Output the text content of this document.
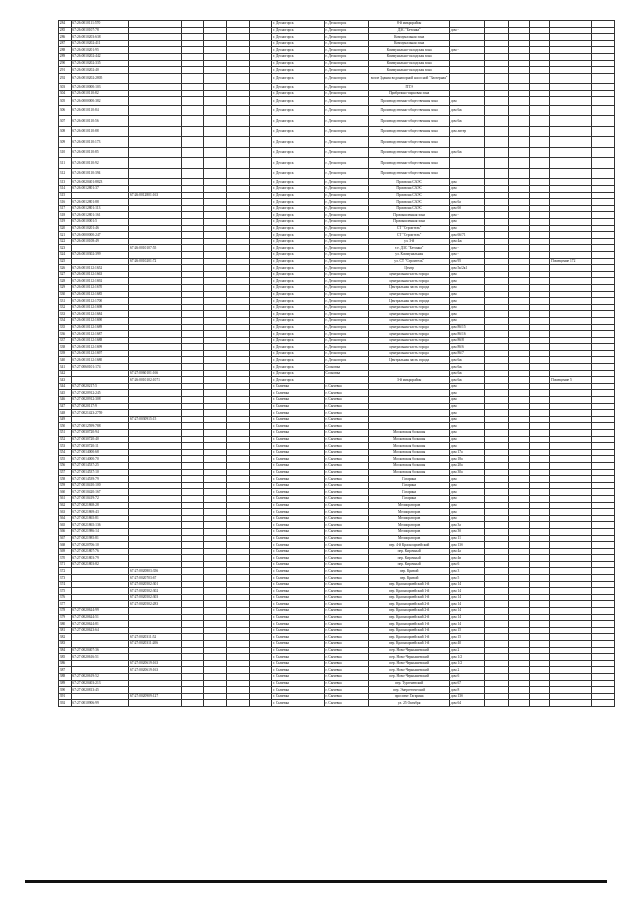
284	67:26:0010111:570						г. Десногорск	г. Десногорск	8-й микрорайон						
285	67:26:0010107:78						г. Десногорск	г. Десногорск	ДЗС "Бетонка"	дом -					
286	67:26:0010203:638						г. Десногорск	г. Десногорск	Коммунальная зона						
287	67:26:0010202:411						г. Десногорск	г. Десногорск	Коммунальная зона						
288	67:26:0010201:95						г. Десногорск	г. Десногорск	Коммунально-складская зона	дом -					
289	67:26:0010202:442						г. Десногорск	г. Десногорск	Коммунально-складская зона						
290	67:26:0010202:335						г. Десногорск	г. Десногорск	Коммунально-складская зона						
291	67:26:0010202:40						г. Десногорск	г. Десногорск	Коммунально-складская зона						
292	67:26:0010202:2805						г. Десногорск	г. Десногорск	возле Здания водонапорной насосной "Заозерная"						
303	67:26:0010000:103						г. Десногорск	г. Десногорск	ПТЭ						
304	67:26:0010110:82						г. Десногорск	г. Десногорск	Прибрежно-парковая зона						
305	67:26:0000000:382						г. Десногорск	г. Десногорск	Производственно-общественная зона	дом					
306	67:26:0010110:84						г. Десногорск	г. Десногорск	Производственно-общественная зона	дом 6ж					
307	67:26:0010110:56						г. Десногорск	г. Десногорск	Производственно-общественная зона	дом 6ж					
308	67:26:0010110:88						г. Десногорск	г. Десногорск	Производственно-общественная зона	дом литер					
309	67:26:0010110:173						г. Десногорск	г. Десногорск	Производственно-общественная зона						
310	67:26:0010110:85						г. Десногорск	г. Десногорск	Производственно-общественная зона	дом 6ж					
311	67:26:0010110:92						г. Десногорск	г. Десногорск	Производственно-общественная зона						
312	67:26:0010110:394						г. Десногорск	г. Десногорск	Производственно-общественная зона						
313	67:26:0020401:8823						г. Десногорск	г. Десногорск	Промзона САЭС	дом					
314	67:26:0012801:37						г. Десногорск	г. Десногорск	Промзона САЭС	дом					
315		67:26:0012801:163					г. Десногорск	г. Десногорск	Промзона САЭС	дом					
316	67:26:0012801:88						г. Десногорск	г. Десногорск	Промзона САЭС	дом 6а					
317	67:26:0012801:113						г. Десногорск	г. Десногорск	Промзона САЭС	дом 6б					
318	67:26:0012801:161						г. Десногорск	г. Десногорск	Промышленная зона	дом -					
319	67:26:0010001:5						г. Десногорск	г. Десногорск	Промышленная зона	дом					
320	67:26:0010201:46						г. Десногорск	г. Десногорск	СТ "Строитель"	дом					
321	67:26:0000000:247						г. Десногорск	г. Десногорск	СТ "Строитель"	дом 66/71					
322	67:26:0010108:49						г. Десногорск	г. Десногорск	ул. 3-й	дом 4ж					
323		67:26:0010107:55					г. Десногорск	г. Десногорск	т.е. ДЗС "Бетонка"	дом -					
324	67:26:0010302:399						г. Десногорск	г. Десногорск	ул. Коммунальная	дом -					
325		67:26:0010201:72					г. Десногорск	г. Десногорск	ул. СТ "Строитель"	дом 95				Помещение 172	
326	67:26:0010112:1652						г. Десногорск	г. Десногорск	Центр	дом 5к/2к1					
327	67:26:0010112:1663						г. Десногорск	г. Десногорск	центральная часть города	дом					
328	67:26:0010112:1692						г. Десногорск	г. Десногорск	центральная часть города	дом					
329	67:26:0010112:1670						г. Десногорск	г. Десногорск	Центральная часть города	дом					
330	67:26:0010112:1685						г. Десногорск	г. Десногорск	центральная часть города	дом					
331	67:26:0010112:1700						г. Десногорск	г. Десногорск	Центральная часть города	дом					
332	67:26:0010112:1698						г. Десногорск	г. Десногорск	центральная часть города	дом					
333	67:26:0010112:1684						г. Десногорск	г. Десногорск	центральная часть города	дом					
334	67:26:0010112:1690						г. Десногорск	г. Десногорск	центральная часть города	дом					
335	67:26:0010112:1689						г. Десногорск	г. Десногорск	центральная часть города	дом 86/15					
336	67:26:0010112:1687						г. Десногорск	г. Десногорск	центральная часть города	дом 86/16					
337	67:26:0010112:1688						г. Десногорск	г. Десногорск	центральная часть города	дом 86/8					
338	67:26:0010112:1699						г. Десногорск	г. Десногорск	центральная часть города	дом 86/6					
339	67:26:0010112:1697						г. Десногорск	г. Десногорск	центральная часть города	дом 86/7					
340	67:26:0010112:1680						г. Десногорск	г. Десногорск	Центральная часть города	дом 6ж					
341	67:27:0060101:174						г. Десногорск	Сосновка		дом 6ж					
342		67:27:0060101:166					г. Десногорск	Сосновка		дом 6ж					
343		67:26:0010102:1071					г. Десногорск		3-й микрорайон	дом 6ж				Помещение 5	
344	67:27:0020217:5						г. Сычевка	г. Сычевка		дом					
345	67:27:0020912:245						г. Сычевка	г. Сычевка		дом					
346	67:27:0020912:308						г. Сычевка	г. Сычевка		дом					
347	67:27:0020117:9						г. Сычевка	г. Сычевка		дом					
348	67:27:0021423:2759						г. Сычевка	г. Сычевка		дом					
349		67:27:0030915:15					г. Сычевка	г. Сычевка		дом					
350	67:27:0012599:788						г. Сычевка	г. Сычевка		дом					
351	67:27:0030720:94						г. Сычевка	г. Сычевка	Московская большая	дом					
352	67:27:0030720:40						г. Сычевка	г. Сычевка	Московская большая	дом					
353	67:27:0030720:11						г. Сычевка	г. Сычевка	Московская большая	дом					
354	67:27:0014000:68						г. Сычевка	г. Сычевка	Московская большая	дом 17а					
355	67:27:0014000:70						г. Сычевка	г. Сычевка	Московская большая	дом 18а					
356	67:27:0014537:25						г. Сычевка	г. Сычевка	Московская большая	дом 20а					
357	67:27:0014537:10						г. Сычевка	г. Сычевка	Московская большая	дом 30а					
358	67:27:0014539:79						г. Сычевка	г. Сычевка	Гагарина	дом					
359	67:27:0010410:100						г. Сычевка	г. Сычевка	Гагарина	дом					
360	67:27:0010420:167						г. Сычевка	г. Сычевка	Гагарина	дом					
361	67:27:0010419:72						г. Сычевка	г. Сычевка	Гагарина	дом					
362	67:27:0021868:28						г. Сычевка	г. Сычевка	Мелиораторов	дом					
363	67:27:0021869:43						г. Сычевка	г. Сычевка	Мелиораторов	дом					
364	67:27:0021865:81						г. Сычевка	г. Сычевка	Мелиораторов	дом					
365	67:27:0021865:136						г. Сычевка	г. Сычевка	Мелиораторов	дом 3а					
366	67:27:0021986:14						г. Сычевка	г. Сычевка	Мелиораторов	дом 3б					
367	67:27:0021985:81						г. Сычевка	г. Сычевка	Мелиораторов	дом 11					
368	67:27:0020706:10						г. Сычевка	г. Сычевка	пер. 4-й Красноармейский	дом 13б					
369	67:27:0021807:76						г. Сычевка	г. Сычевка	пер. Кирочный	дом 4а					
370	67:27:0021803:79						г. Сычевка	г. Сычевка	пер. Кирочный	дом 4в					
371	67:27:0021803:82						г. Сычевка	г. Сычевка	пер. Кирочный	дом 6					
372		67:27:0020803:356					г. Сычевка	г. Сычевка	пер. Кривой	дом 3					
373		67:27:0020703:67					г. Сычевка	г. Сычевка	пер. Кривой	дом 5					
374		67:27:0020502:301					г. Сычевка	г. Сычевка	пер. Красноармейский 1-й	дом 14					
375		67:27:0020502:302					г. Сычевка	г. Сычевка	пер. Красноармейский 1-й	дом 14					
376		67:27:0020502:303					г. Сычевка	г. Сычевка	пер. Красноармейский 1-й	дом 14					
377		67:27:0020502:283					г. Сычевка	г. Сычевка	пер. Красноармейский 2-й	дом 14					
378	67:27:0020624:99						г. Сычевка	г. Сычевка	пер. Красноармейский 2-й	дом 14					
379	67:27:0020624:51						г. Сычевка	г. Сычевка	пер. Красноармейский 2-й	дом 14					
380	67:27:0020624:81						г. Сычевка	г. Сычевка	пер. Красноармейский 1-й	дом 14					
381	67:27:0020623:64						г. Сычевка	г. Сычевка	пер. Красноармейский 1-й	дом 15					
382		67:27:0020311:52					г. Сычевка	г. Сычевка	пер. Красноармейский 1-й	дом 15					
383		67:27:0020311:206					г. Сычевка	г. Сычевка	пер. Красноармейский 1-й	дом 40					
384	67:27:0020407:36						г. Сычевка	г. Сычевка	пер. Ново-Чернышевский	дом 2					
385	67:27:0020616:51						г. Сычевка	г. Сычевка	пер. Ново-Чернышевский	дом 1/2					
386		67:27:0020619:163					г. Сычевка	г. Сычевка	пер. Ново-Чернышевский	дом 1/2					
387		67:27:0020619:163					г. Сычевка	г. Сычевка	пер. Ново-Чернышевский	дом 2					
388	67:27:0020619:52						г. Сычевка	г. Сычевка	пер. Ново-Чернышевский	дом 6					
389	67:27:0020403:213						г. Сычевка	г. Сычевка	пер. Тургеневский	дом 67					
390	67:27:0020813:45						г. Сычевка	г. Сычевка	пер. Энергетический	дом 8					
391		67:27:0020909:127					г. Сычевка	г. Сычевка	проспект Гагарина	дом 13б					
392	67:27:0010906:99						г. Сычевка	г. Сычевка	ул. 25 Октября	дом 64					
